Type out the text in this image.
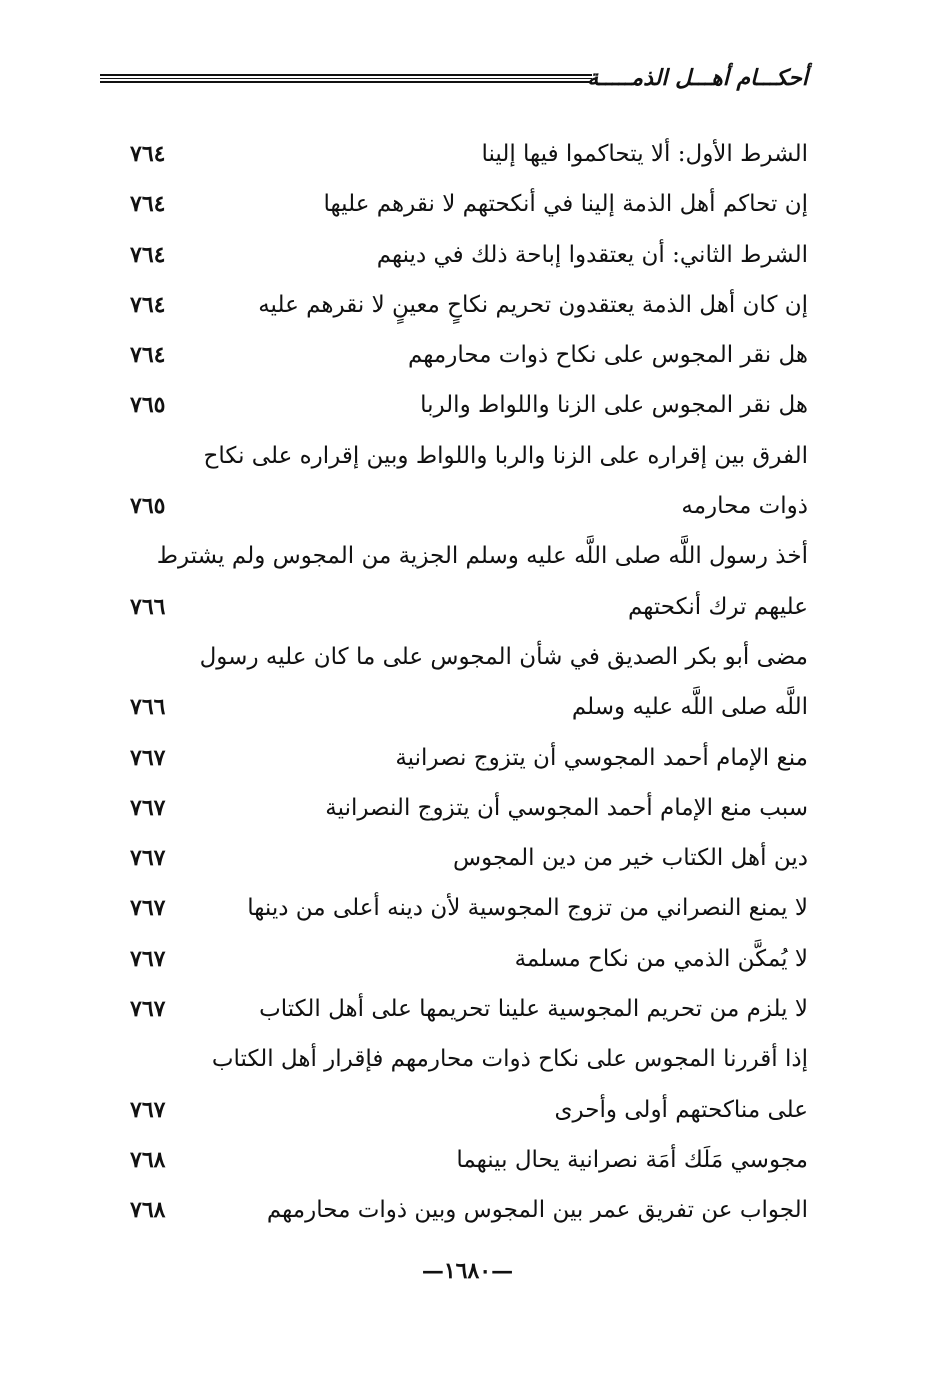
أحكـــام أهـــل الذمـــــة
الشرط الأول: ألا يتحاكموا فيها إلينا
٧٦٤
إن تحاكم أهل الذمة إلينا في أنكحتهم لا نقرهم عليها
٧٦٤
الشرط الثاني: أن يعتقدوا إباحة ذلك في دينهم
٧٦٤
إن كان أهل الذمة يعتقدون تحريم نكاحٍ معينٍ لا نقرهم عليه
٧٦٤
هل نقر المجوس على نكاح ذوات محارمهم
٧٦٤
هل نقر المجوس على الزنا واللواط والربا
٧٦٥
الفرق بين إقراره على الزنا والربا واللواط وبين إقراره على نكاح
ذوات محارمه
٧٦٥
أخذ رسول اللَّه صلى اللَّه عليه وسلم الجزية من المجوس ولم يشترط
عليهم ترك أنكحتهم
٧٦٦
مضى أبو بكر الصديق في شأن المجوس على ما كان عليه رسول
اللَّه صلى اللَّه عليه وسلم
٧٦٦
منع الإمام أحمد المجوسي أن يتزوج نصرانية
٧٦٧
سبب منع الإمام أحمد المجوسي أن يتزوج النصرانية
٧٦٧
دين أهل الكتاب خير من دين المجوس
٧٦٧
لا يمنع النصراني من تزوج المجوسية لأن دينه أعلى من دينها
٧٦٧
لا يُمكَّن الذمي من نكاح مسلمة
٧٦٧
لا يلزم من تحريم المجوسية علينا تحريمها على أهل الكتاب
٧٦٧
إذا أقررنا المجوس على نكاح ذوات محارمهم فإقرار أهل الكتاب
على مناكحتهم أولى وأحرى
٧٦٧
مجوسي مَلَك أمَة نصرانية يحال بينهما
٧٦٨
الجواب عن تفريق عمر بين المجوس وبين ذوات محارمهم
٧٦٨
—١٦٨٠—
